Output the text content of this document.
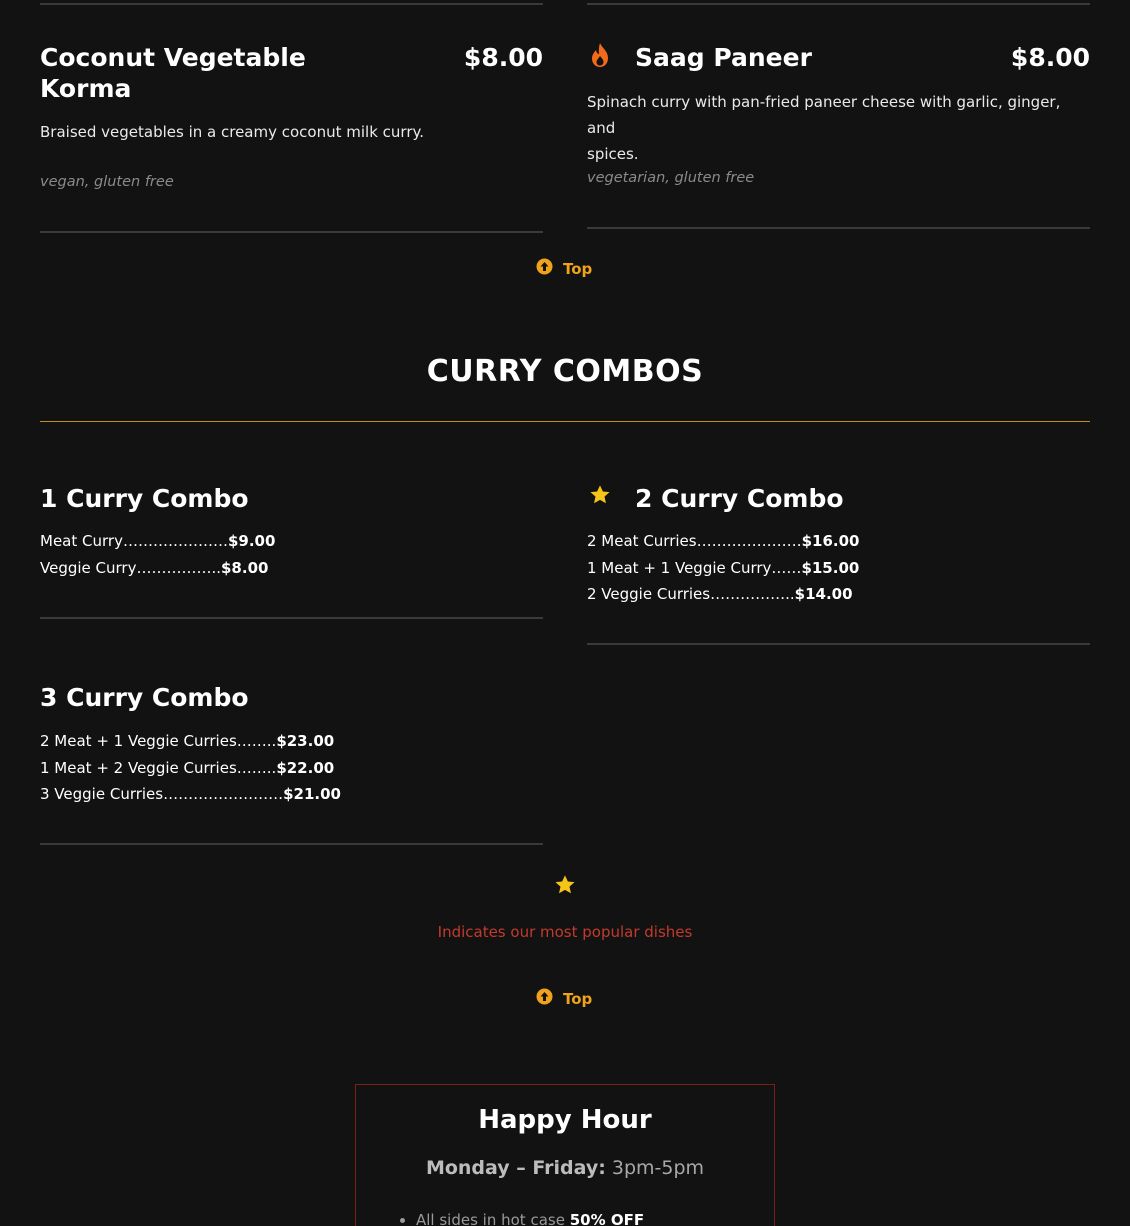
Coconut Vegetable
Korma
$8.00
Braised vegetables in a creamy coconut milk curry.
vegan, gluten free
Saag Paneer	$8.00
Spinach curry with pan-fried paneer cheese with garlic, ginger, and
spices.
vegetarian, gluten free
Top
CURRY COMBOS
1 Curry Combo
Meat Curry…………………$9.00
Veggie Curry……………..$8.00
2 Curry Combo
2 Meat Curries…………………$16.00
1 Meat + 1 Veggie Curry……$15.00
2 Veggie Curries……………..$14.00
3 Curry Combo
2 Meat + 1 Veggie Curries……..$23.00
1 Meat + 2 Veggie Curries……..$22.00
3 Veggie Curries……………………$21.00
Indicates our most popular dishes
Top
Happy Hour
Monday – Friday: 3pm-5pm
• All sides in hot case 50% OFF
